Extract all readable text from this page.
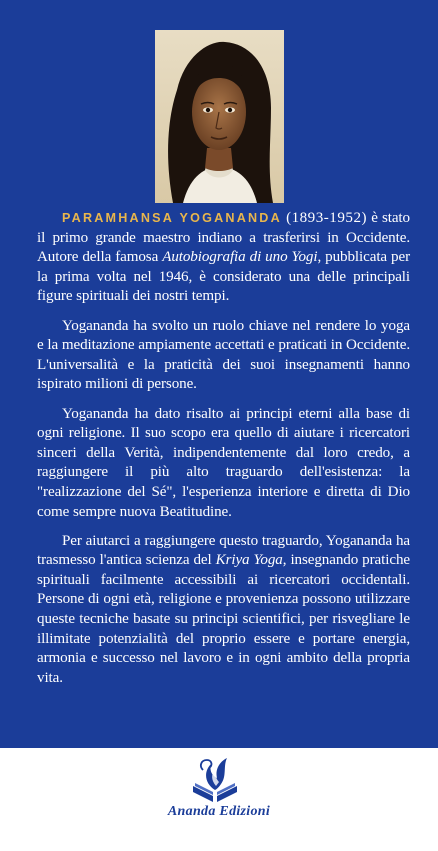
PARAMHANSA YOGANANDA (1893-1952) è stato il primo grande maestro indiano a trasferirsi in Occidente. Autore della famosa Autobiografia di uno Yogi, pubblicata per la prima volta nel 1946, è considerato una delle principali figure spirituali dei nostri tempi.

Yogananda ha svolto un ruolo chiave nel rendere lo yoga e la meditazione ampiamente accettati e praticati in Occidente. L'universalità e la praticità dei suoi insegnamenti hanno ispirato milioni di persone.

Yogananda ha dato risalto ai principi eterni alla base di ogni religione. Il suo scopo era quello di aiutare i ricercatori sinceri della Verità, indipendentemente dal loro credo, a raggiungere il più alto traguardo dell'esistenza: la "realizzazione del Sé", l'esperienza interiore e diretta di Dio come sempre nuova Beatitudine.

Per aiutarci a raggiungere questo traguardo, Yogananda ha trasmesso l'antica scienza del Kriya Yoga, insegnando pratiche spirituali facilmente accessibili ai ricercatori occidentali. Persone di ogni età, religione e provenienza possono utilizzare queste tecniche basate su principi scientifici, per risvegliare le illimitate potenzialità del proprio essere e portare energia, armonia e successo nel lavoro e in ogni ambito della propria vita.

Ananda Edizioni
